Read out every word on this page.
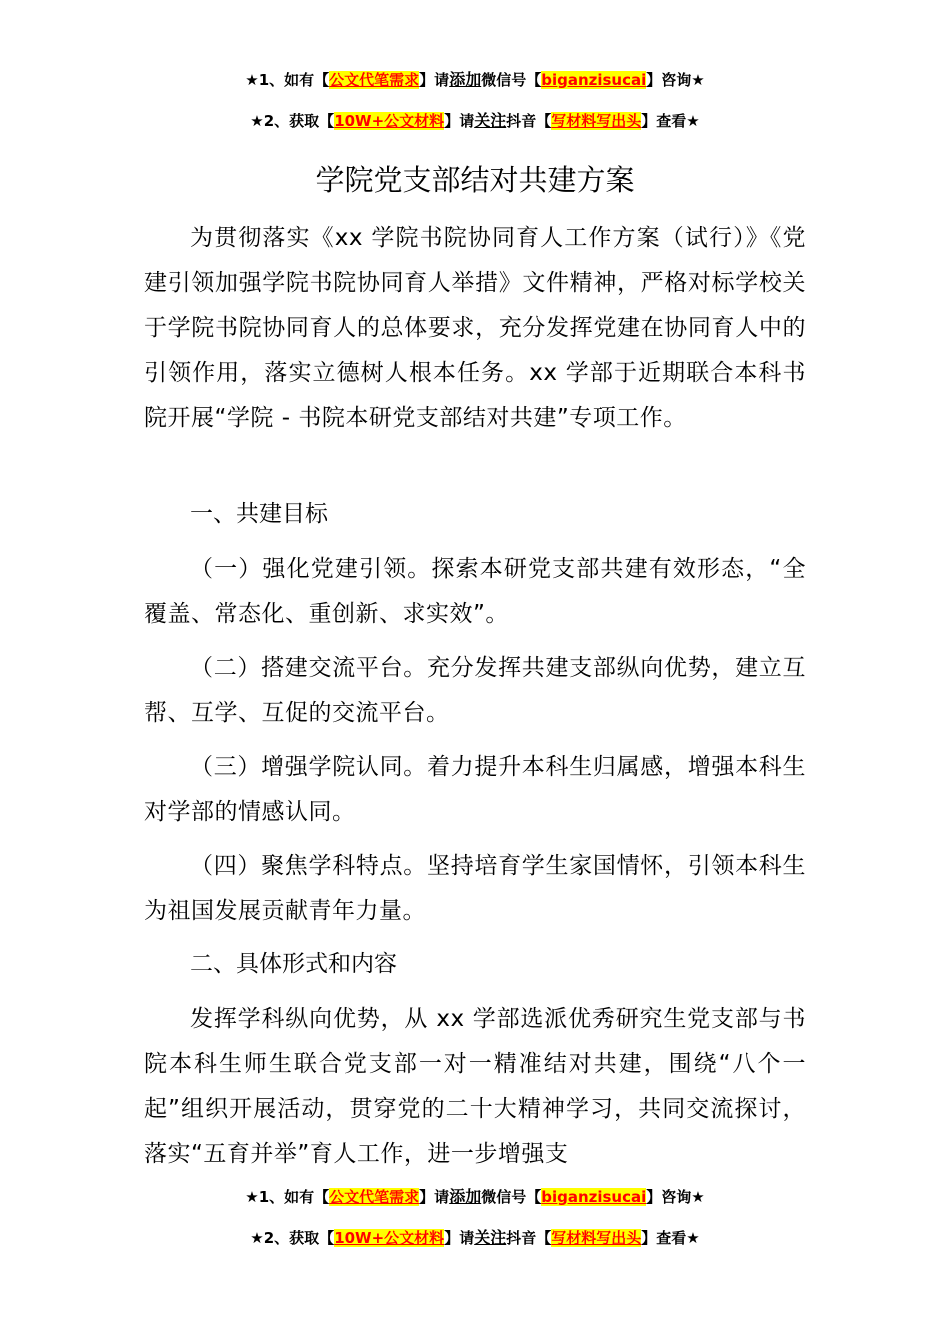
★1、如有【公文代笔需求】请添加微信号【biganzisucai】咨询★
★2、获取【10W+公文材料】请关注抖音【写材料写出头】查看★
学院党支部结对共建方案
为贯彻落实《xx 学院书院协同育人工作方案（试行）》《党建引领加强学院书院协同育人举措》文件精神，严格对标学校关于学院书院协同育人的总体要求，充分发挥党建在协同育人中的引领作用，落实立德树人根本任务。xx 学部于近期联合本科书院开展“学院 - 书院本研党支部结对共建”专项工作。
一、共建目标
（一）强化党建引领。探索本研党支部共建有效形态，“全覆盖、常态化、重创新、求实效”。
（二）搭建交流平台。充分发挥共建支部纵向优势，建立互帮、互学、互促的交流平台。
（三）增强学院认同。着力提升本科生归属感，增强本科生对学部的情感认同。
（四）聚焦学科特点。坚持培育学生家国情怀，引领本科生为祖国发展贡献青年力量。
二、具体形式和内容
发挥学科纵向优势，从 xx 学部选派优秀研究生党支部与书院本科生师生联合党支部一对一精准结对共建，围绕“八个一起”组织开展活动，贯穿党的二十大精神学习，共同交流探讨，落实“五育并举”育人工作，进一步增强支
★1、如有【公文代笔需求】请添加微信号【biganzisucai】咨询★
★2、获取【10W+公文材料】请关注抖音【写材料写出头】查看★
